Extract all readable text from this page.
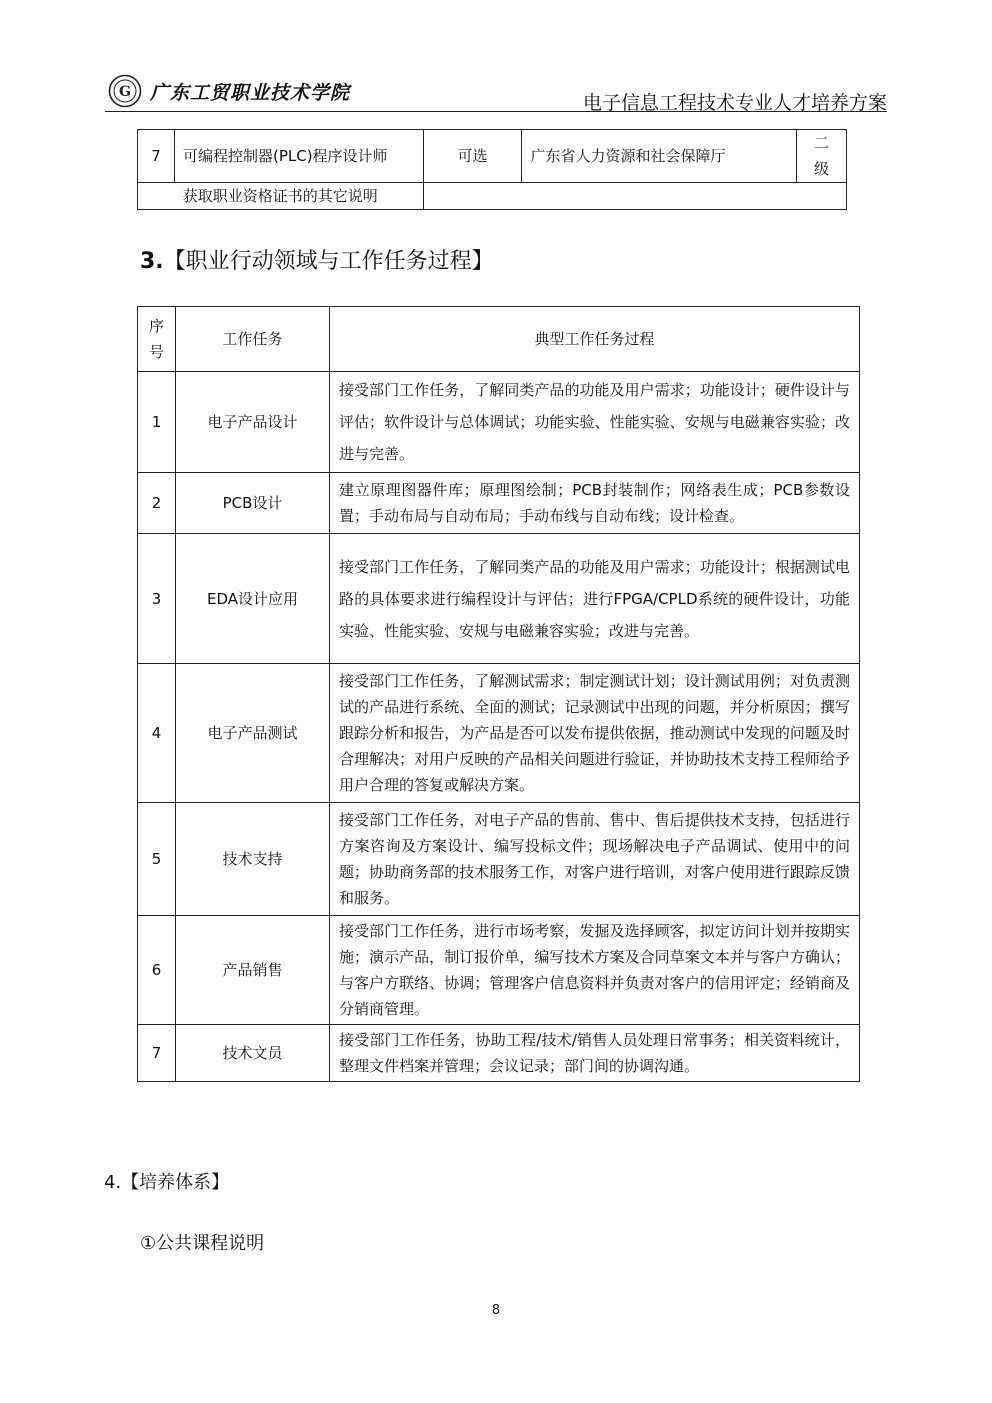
G 广东工贸职业技术学院	电子信息工程技术专业人才培养方案
7	可编程控制器(PLC)程序设计师	可选	广东省人力资源和社会保障厅	二级
获取职业资格证书的其它说明				
3.【职业行动领域与工作任务过程】
序号	工作任务	典型工作任务过程
1	电子产品设计	接受部门工作任务，了解同类产品的功能及用户需求；功能设计；硬件设计与评估；软件设计与总体调试；功能实验、性能实验、安规与电磁兼容实验；改进与完善。
2	PCB设计	建立原理图器件库；原理图绘制；PCB封装制作；网络表生成；PCB参数设置；手动布局与自动布局；手动布线与自动布线；设计检查。
3	EDA设计应用	接受部门工作任务，了解同类产品的功能及用户需求；功能设计；根据测试电路的具体要求进行编程设计与评估；进行FPGA/CPLD系统的硬件设计，功能实验、性能实验、安规与电磁兼容实验；改进与完善。
4	电子产品测试	接受部门工作任务，了解测试需求；制定测试计划；设计测试用例；对负责测试的产品进行系统、全面的测试；记录测试中出现的问题，并分析原因；撰写跟踪分析和报告，为产品是否可以发布提供依据，推动测试中发现的问题及时合理解决；对用户反映的产品相关问题进行验证，并协助技术支持工程师给予用户合理的答复或解决方案。
5	技术支持	接受部门工作任务，对电子产品的售前、售中、售后提供技术支持，包括进行方案咨询及方案设计、编写投标文件；现场解决电子产品调试、使用中的问题；协助商务部的技术服务工作，对客户进行培训，对客户使用进行跟踪反馈和服务。
6	产品销售	接受部门工作任务，进行市场考察，发掘及选择顾客，拟定访问计划并按期实施；演示产品，制订报价单，编写技术方案及合同草案文本并与客户方确认；与客户方联络、协调；管理客户信息资料并负责对客户的信用评定；经销商及分销商管理。
7	技术文员	接受部门工作任务，协助工程/技术/销售人员处理日常事务；相关资料统计，整理文件档案并管理；会议记录；部门间的协调沟通。
4.【培养体系】
①公共课程说明
8
